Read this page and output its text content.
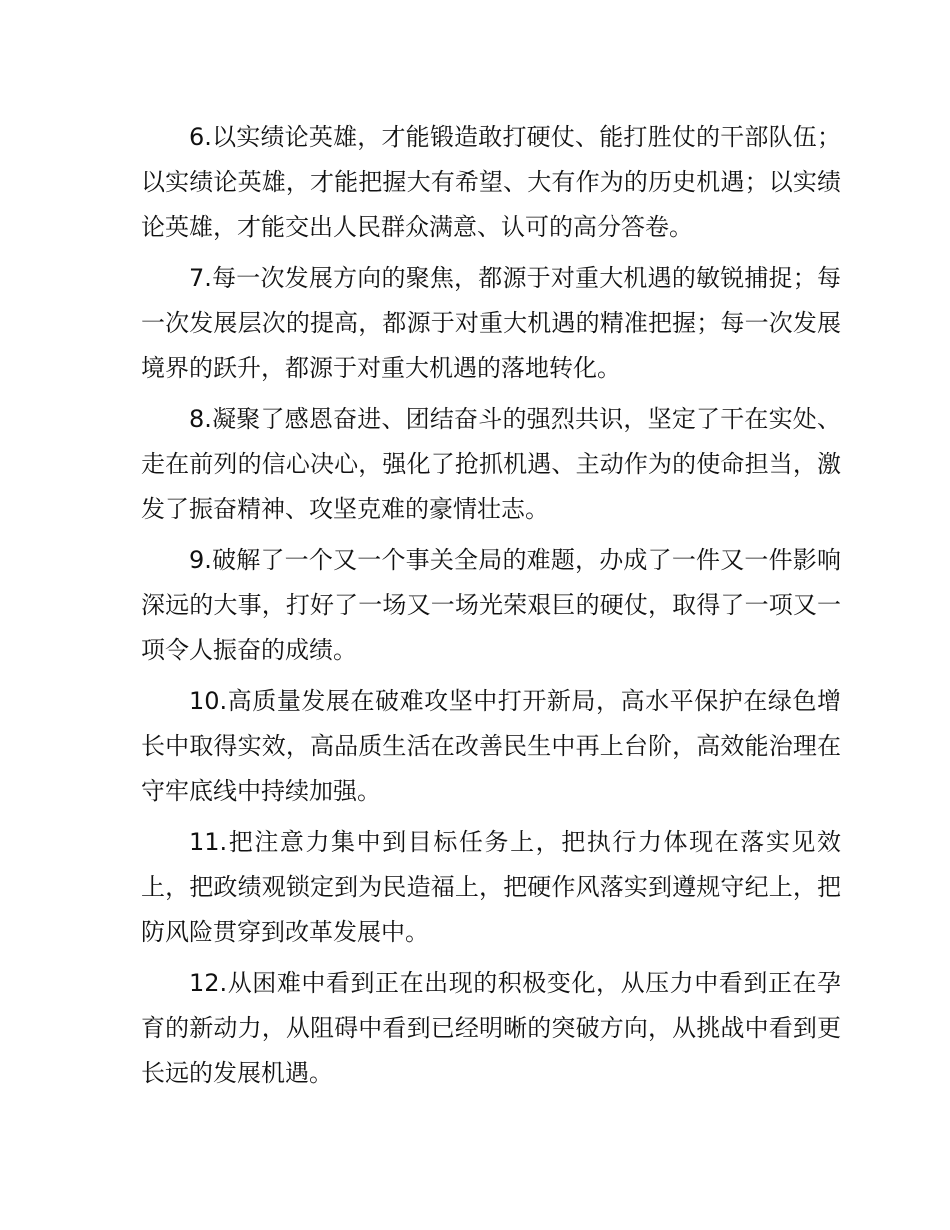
6.以实绩论英雄，才能锻造敢打硬仗、能打胜仗的干部队伍；以实绩论英雄，才能把握大有希望、大有作为的历史机遇；以实绩论英雄，才能交出人民群众满意、认可的高分答卷。

7.每一次发展方向的聚焦，都源于对重大机遇的敏锐捕捉；每一次发展层次的提高，都源于对重大机遇的精准把握；每一次发展境界的跃升，都源于对重大机遇的落地转化。

8.凝聚了感恩奋进、团结奋斗的强烈共识，坚定了干在实处、走在前列的信心决心，强化了抢抓机遇、主动作为的使命担当，激发了振奋精神、攻坚克难的豪情壮志。

9.破解了一个又一个事关全局的难题，办成了一件又一件影响深远的大事，打好了一场又一场光荣艰巨的硬仗，取得了一项又一项令人振奋的成绩。

10.高质量发展在破难攻坚中打开新局，高水平保护在绿色增长中取得实效，高品质生活在改善民生中再上台阶，高效能治理在守牢底线中持续加强。

11.把注意力集中到目标任务上，把执行力体现在落实见效上，把政绩观锁定到为民造福上，把硬作风落实到遵规守纪上，把防风险贯穿到改革发展中。

12.从困难中看到正在出现的积极变化，从压力中看到正在孕育的新动力，从阻碍中看到已经明晰的突破方向，从挑战中看到更长远的发展机遇。
